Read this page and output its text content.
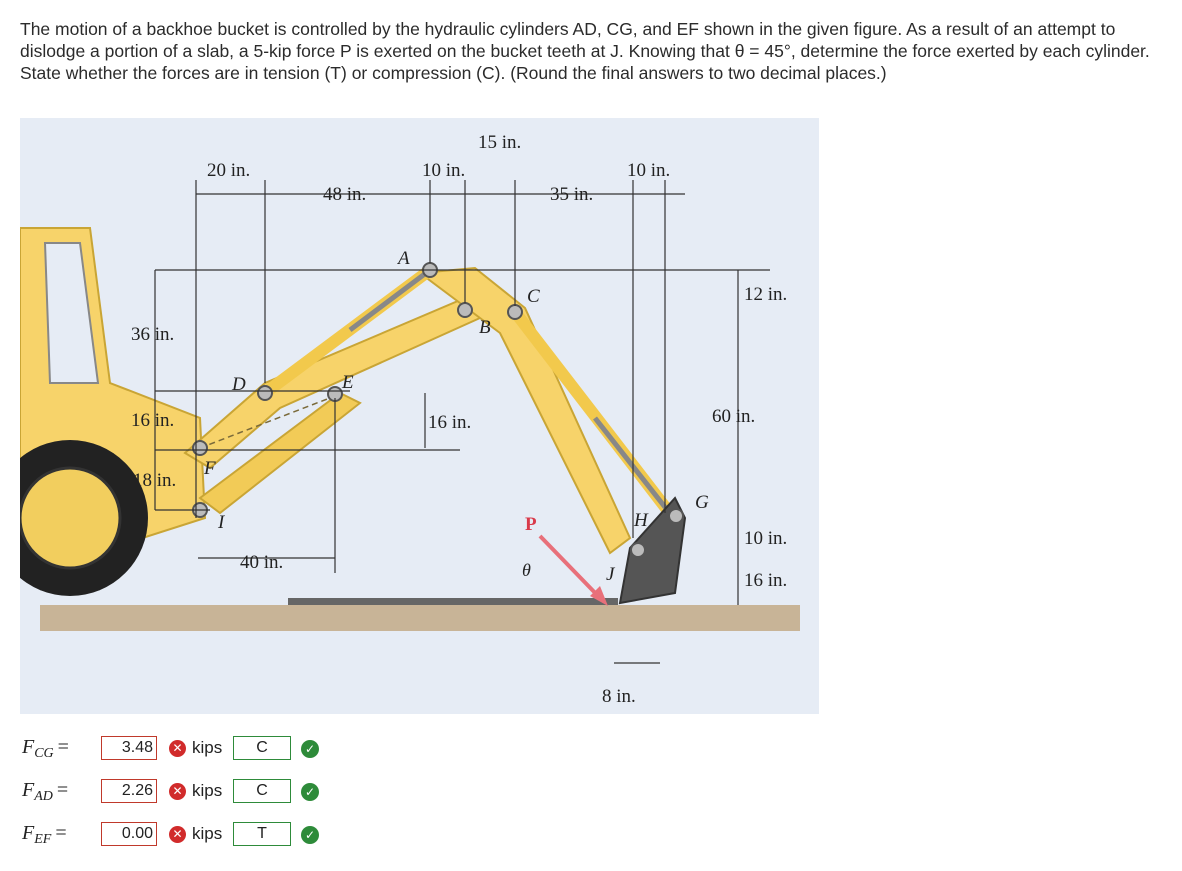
The motion of a backhoe bucket is controlled by the hydraulic cylinders AD, CG, and EF shown in the given figure. As a result of an attempt to dislodge a portion of a slab, a 5-kip force P is exerted on the bucket teeth at J. Knowing that θ = 45°, determine the force exerted by each cylinder. State whether the forces are in tension (T) or compression (C). (Round the final answers to two decimal places.)
P
θ
20 in.
48 in.
10 in.
15 in.
35 in.
10 in.
36 in.
16 in.
18 in.
40 in.
16 in.
12 in.
60 in.
10 in.
16 in.
8 in.
A
B
C
D	E
F
G
H
I
J
$F_{CG}$ =	3.48	✕ kips	C	✓
$F_{AD}$ =	2.26	✕ kips	C	✓
$F_{EF}$ =	0.00	✕ kips	T	✓
